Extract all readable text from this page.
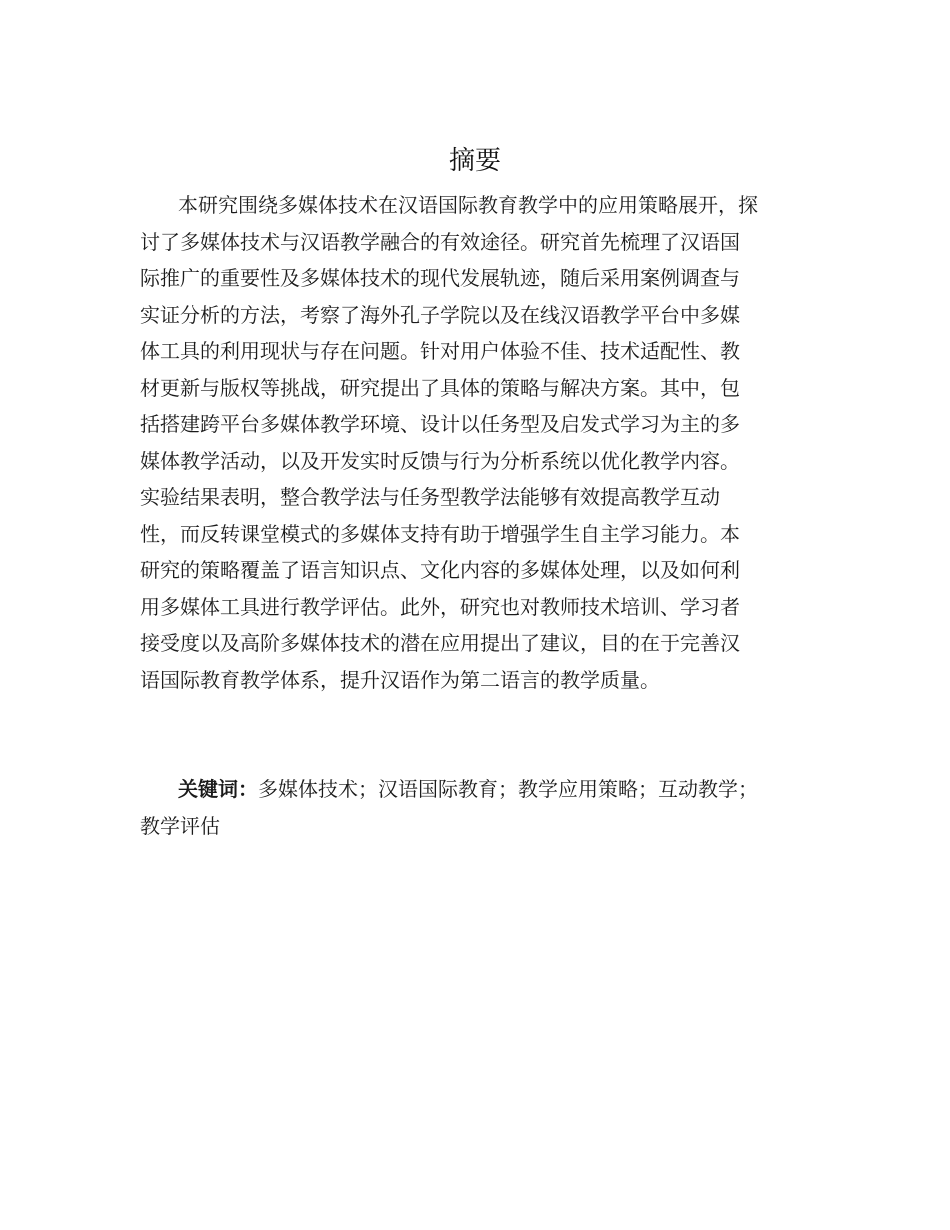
摘要
本研究围绕多媒体技术在汉语国际教育教学中的应用策略展开，探
讨了多媒体技术与汉语教学融合的有效途径。研究首先梳理了汉语国
际推广的重要性及多媒体技术的现代发展轨迹，随后采用案例调查与
实证分析的方法，考察了海外孔子学院以及在线汉语教学平台中多媒
体工具的利用现状与存在问题。针对用户体验不佳、技术适配性、教
材更新与版权等挑战，研究提出了具体的策略与解决方案。其中，包
括搭建跨平台多媒体教学环境、设计以任务型及启发式学习为主的多
媒体教学活动，以及开发实时反馈与行为分析系统以优化教学内容。
实验结果表明，整合教学法与任务型教学法能够有效提高教学互动
性，而反转课堂模式的多媒体支持有助于增强学生自主学习能力。本
研究的策略覆盖了语言知识点、文化内容的多媒体处理，以及如何利
用多媒体工具进行教学评估。此外，研究也对教师技术培训、学习者
接受度以及高阶多媒体技术的潜在应用提出了建议，目的在于完善汉
语国际教育教学体系，提升汉语作为第二语言的教学质量。
关键词：多媒体技术；汉语国际教育；教学应用策略；互动教学；
教学评估
